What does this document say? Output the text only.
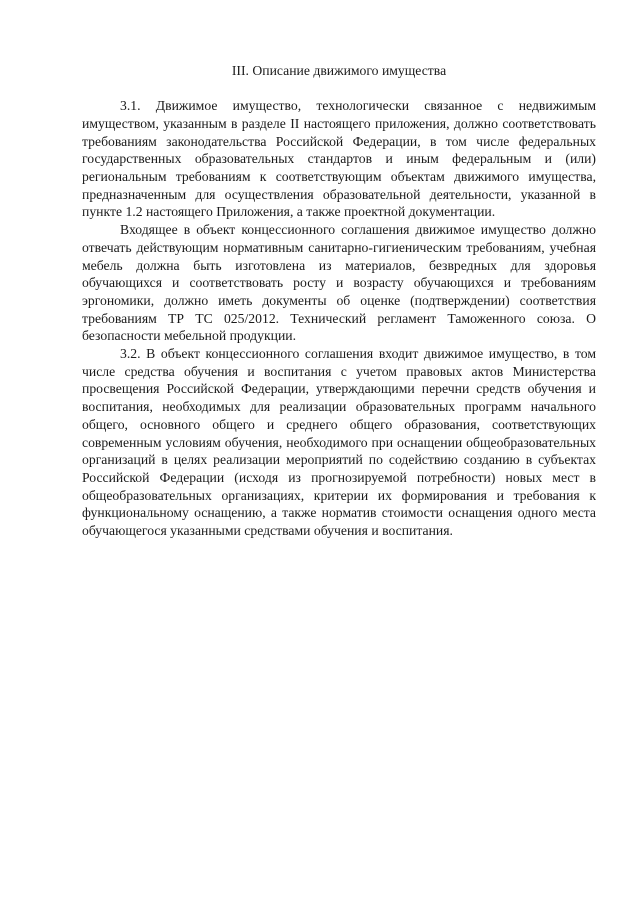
III. Описание движимого имущества

3.1. Движимое имущество, технологически связанное с недвижимым имуществом, указанным в разделе II настоящего приложения, должно соответствовать требованиям законодательства Российской Федерации, в том числе федеральных государственных образовательных стандартов и иным федеральным и (или) региональным требованиям к соответствующим объектам движимого имущества, предназначенным для осуществления образовательной деятельности, указанной в пункте 1.2 настоящего Приложения, а также проектной документации.

Входящее в объект концессионного соглашения движимое имущество должно отвечать действующим нормативным санитарно-гигиеническим требованиям, учебная мебель должна быть изготовлена из материалов, безвредных для здоровья обучающихся и соответствовать росту и возрасту обучающихся и требованиям эргономики, должно иметь документы об оценке (подтверждении) соответствия требованиям ТР ТС 025/2012. Технический регламент Таможенного союза. О безопасности мебельной продукции.

3.2. В объект концессионного соглашения входит движимое имущество, в том числе средства обучения и воспитания с учетом правовых актов Министерства просвещения Российской Федерации, утверждающими перечни средств обучения и воспитания, необходимых для реализации образовательных программ начального общего, основного общего и среднего общего образования, соответствующих современным условиям обучения, необходимого при оснащении общеобразовательных организаций в целях реализации мероприятий по содействию созданию в субъектах Российской Федерации (исходя из прогнозируемой потребности) новых мест в общеобразовательных организациях, критерии их формирования и требования к функциональному оснащению, а также норматив стоимости оснащения одного места обучающегося указанными средствами обучения и воспитания.
